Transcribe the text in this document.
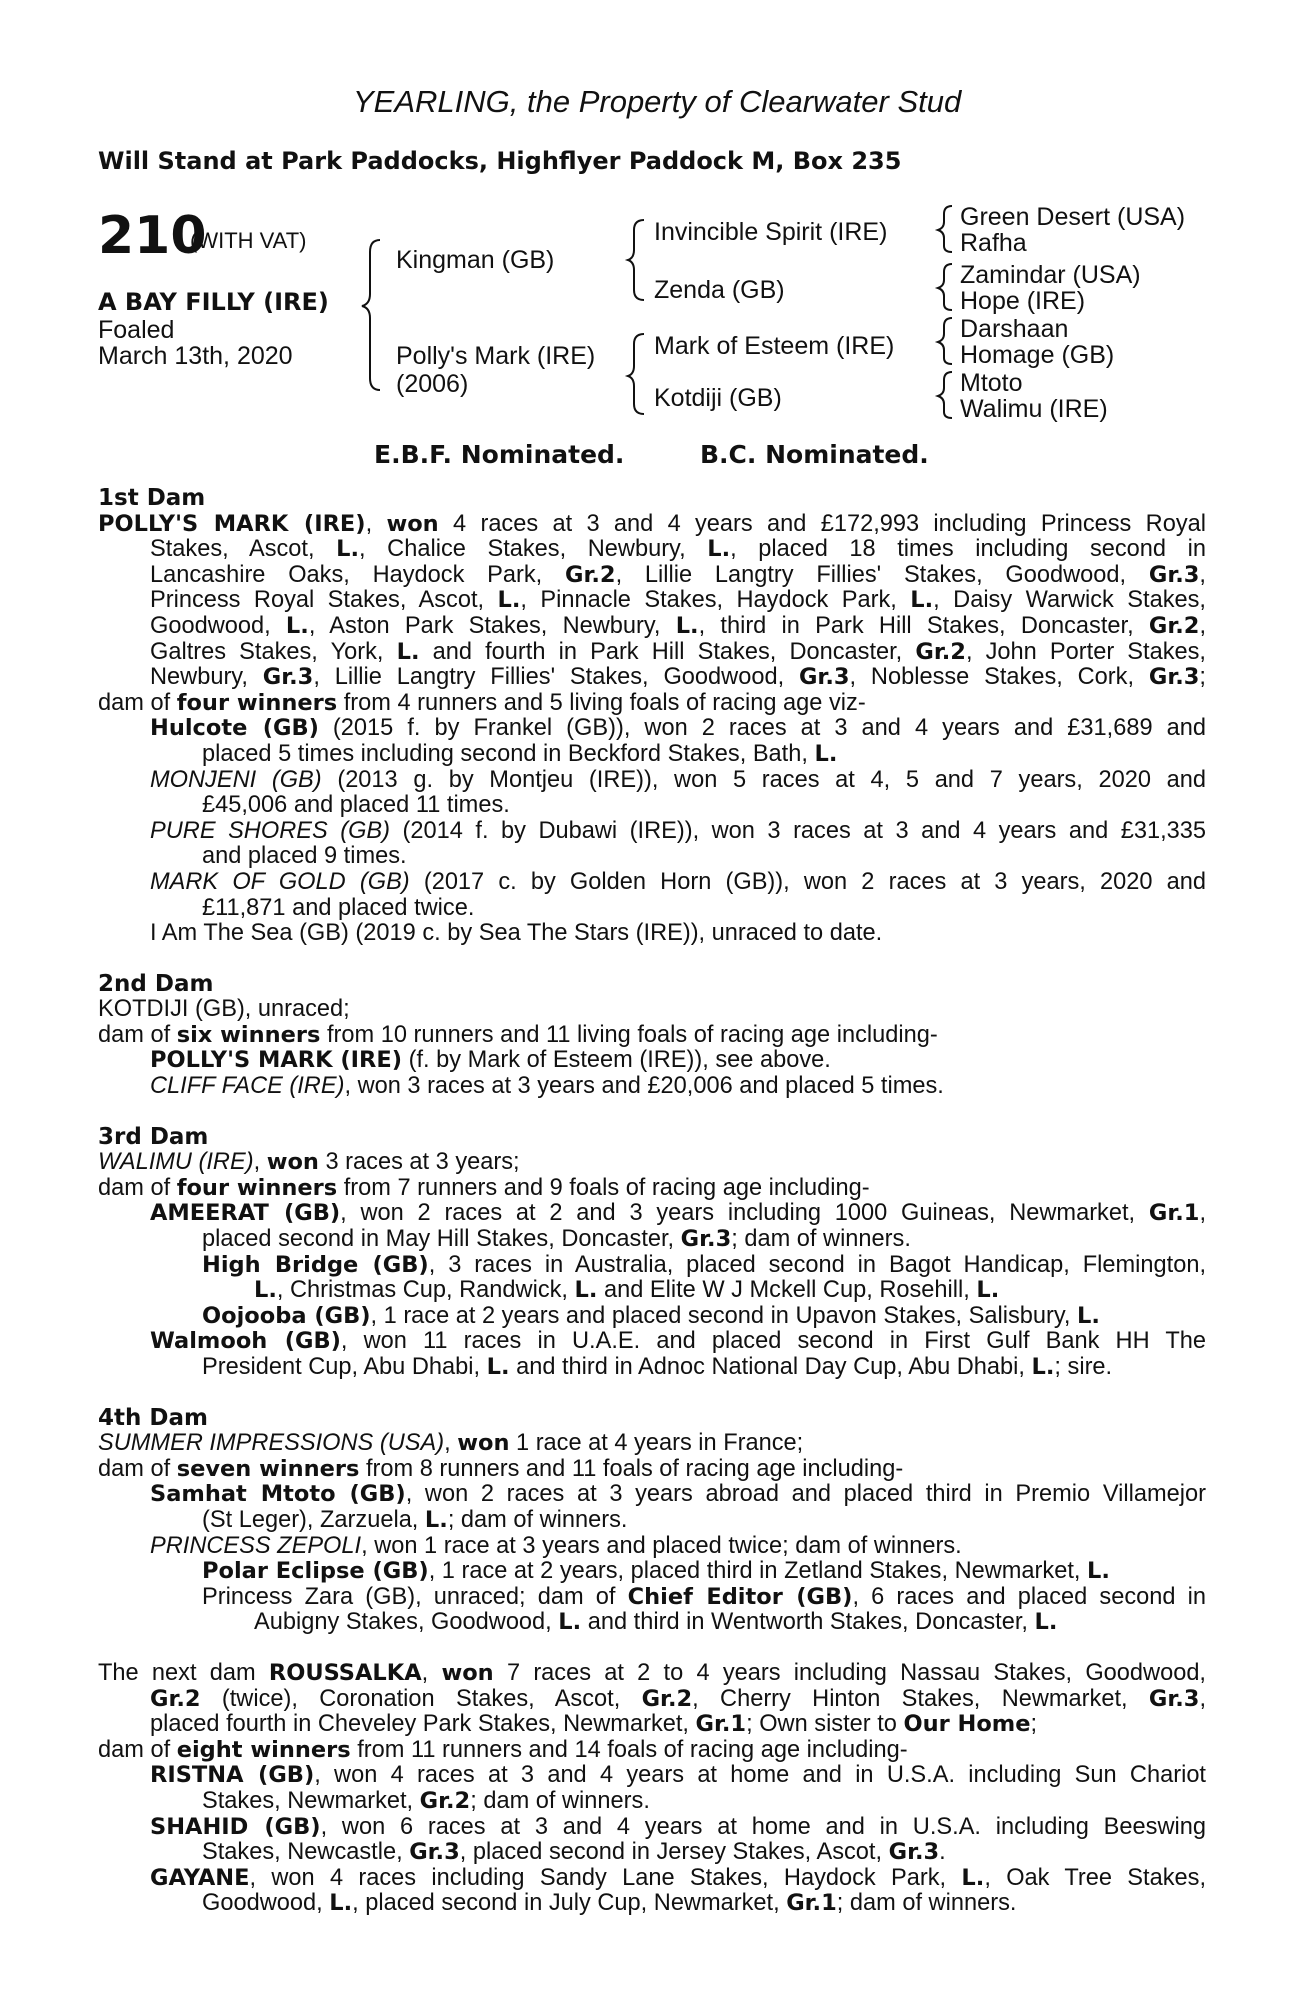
YEARLING, the Property of Clearwater Stud
Will Stand at Park Paddocks, Highflyer Paddock M, Box 235
210
(WITH VAT)
A BAY FILLY (IRE)
Foaled
March 13th, 2020
Kingman (GB)
Polly's Mark (IRE)
(2006)
Invincible Spirit (IRE)
Zenda (GB)
Mark of Esteem (IRE)
Kotdiji (GB)
Green Desert (USA)
Rafha
Zamindar (USA)
Hope (IRE)
Darshaan
Homage (GB)
Mtoto
Walimu (IRE)
E.B.F. Nominated.	B.C. Nominated.
1st Dam
POLLY'S MARK (IRE), won 4 races at 3 and 4 years and £172,993 including Princess Royal
Stakes, Ascot, L., Chalice Stakes, Newbury, L., placed 18 times including second in
Lancashire Oaks, Haydock Park, Gr.2, Lillie Langtry Fillies' Stakes, Goodwood, Gr.3,
Princess Royal Stakes, Ascot, L., Pinnacle Stakes, Haydock Park, L., Daisy Warwick Stakes,
Goodwood, L., Aston Park Stakes, Newbury, L., third in Park Hill Stakes, Doncaster, Gr.2,
Galtres Stakes, York, L. and fourth in Park Hill Stakes, Doncaster, Gr.2, John Porter Stakes,
Newbury, Gr.3, Lillie Langtry Fillies' Stakes, Goodwood, Gr.3, Noblesse Stakes, Cork, Gr.3;
dam of four winners from 4 runners and 5 living foals of racing age viz-
Hulcote (GB) (2015 f. by Frankel (GB)), won 2 races at 3 and 4 years and £31,689 and
placed 5 times including second in Beckford Stakes, Bath, L.
MONJENI (GB) (2013 g. by Montjeu (IRE)), won 5 races at 4, 5 and 7 years, 2020 and
£45,006 and placed 11 times.
PURE SHORES (GB) (2014 f. by Dubawi (IRE)), won 3 races at 3 and 4 years and £31,335
and placed 9 times.
MARK OF GOLD (GB) (2017 c. by Golden Horn (GB)), won 2 races at 3 years, 2020 and
£11,871 and placed twice.
I Am The Sea (GB) (2019 c. by Sea The Stars (IRE)), unraced to date.
2nd Dam
KOTDIJI (GB), unraced;
dam of six winners from 10 runners and 11 living foals of racing age including-
POLLY'S MARK (IRE) (f. by Mark of Esteem (IRE)), see above.
CLIFF FACE (IRE), won 3 races at 3 years and £20,006 and placed 5 times.
3rd Dam
WALIMU (IRE), won 3 races at 3 years;
dam of four winners from 7 runners and 9 foals of racing age including-
AMEERAT (GB), won 2 races at 2 and 3 years including 1000 Guineas, Newmarket, Gr.1,
placed second in May Hill Stakes, Doncaster, Gr.3; dam of winners.
High Bridge (GB), 3 races in Australia, placed second in Bagot Handicap, Flemington,
L., Christmas Cup, Randwick, L. and Elite W J Mckell Cup, Rosehill, L.
Oojooba (GB), 1 race at 2 years and placed second in Upavon Stakes, Salisbury, L.
Walmooh (GB), won 11 races in U.A.E. and placed second in First Gulf Bank HH The
President Cup, Abu Dhabi, L. and third in Adnoc National Day Cup, Abu Dhabi, L.; sire.
4th Dam
SUMMER IMPRESSIONS (USA), won 1 race at 4 years in France;
dam of seven winners from 8 runners and 11 foals of racing age including-
Samhat Mtoto (GB), won 2 races at 3 years abroad and placed third in Premio Villamejor
(St Leger), Zarzuela, L.; dam of winners.
PRINCESS ZEPOLI, won 1 race at 3 years and placed twice; dam of winners.
Polar Eclipse (GB), 1 race at 2 years, placed third in Zetland Stakes, Newmarket, L.
Princess Zara (GB), unraced; dam of Chief Editor (GB), 6 races and placed second in
Aubigny Stakes, Goodwood, L. and third in Wentworth Stakes, Doncaster, L.
The next dam ROUSSALKA, won 7 races at 2 to 4 years including Nassau Stakes, Goodwood,
Gr.2 (twice), Coronation Stakes, Ascot, Gr.2, Cherry Hinton Stakes, Newmarket, Gr.3,
placed fourth in Cheveley Park Stakes, Newmarket, Gr.1; Own sister to Our Home;
dam of eight winners from 11 runners and 14 foals of racing age including-
RISTNA (GB), won 4 races at 3 and 4 years at home and in U.S.A. including Sun Chariot
Stakes, Newmarket, Gr.2; dam of winners.
SHAHID (GB), won 6 races at 3 and 4 years at home and in U.S.A. including Beeswing
Stakes, Newcastle, Gr.3, placed second in Jersey Stakes, Ascot, Gr.3.
GAYANE, won 4 races including Sandy Lane Stakes, Haydock Park, L., Oak Tree Stakes,
Goodwood, L., placed second in July Cup, Newmarket, Gr.1; dam of winners.
